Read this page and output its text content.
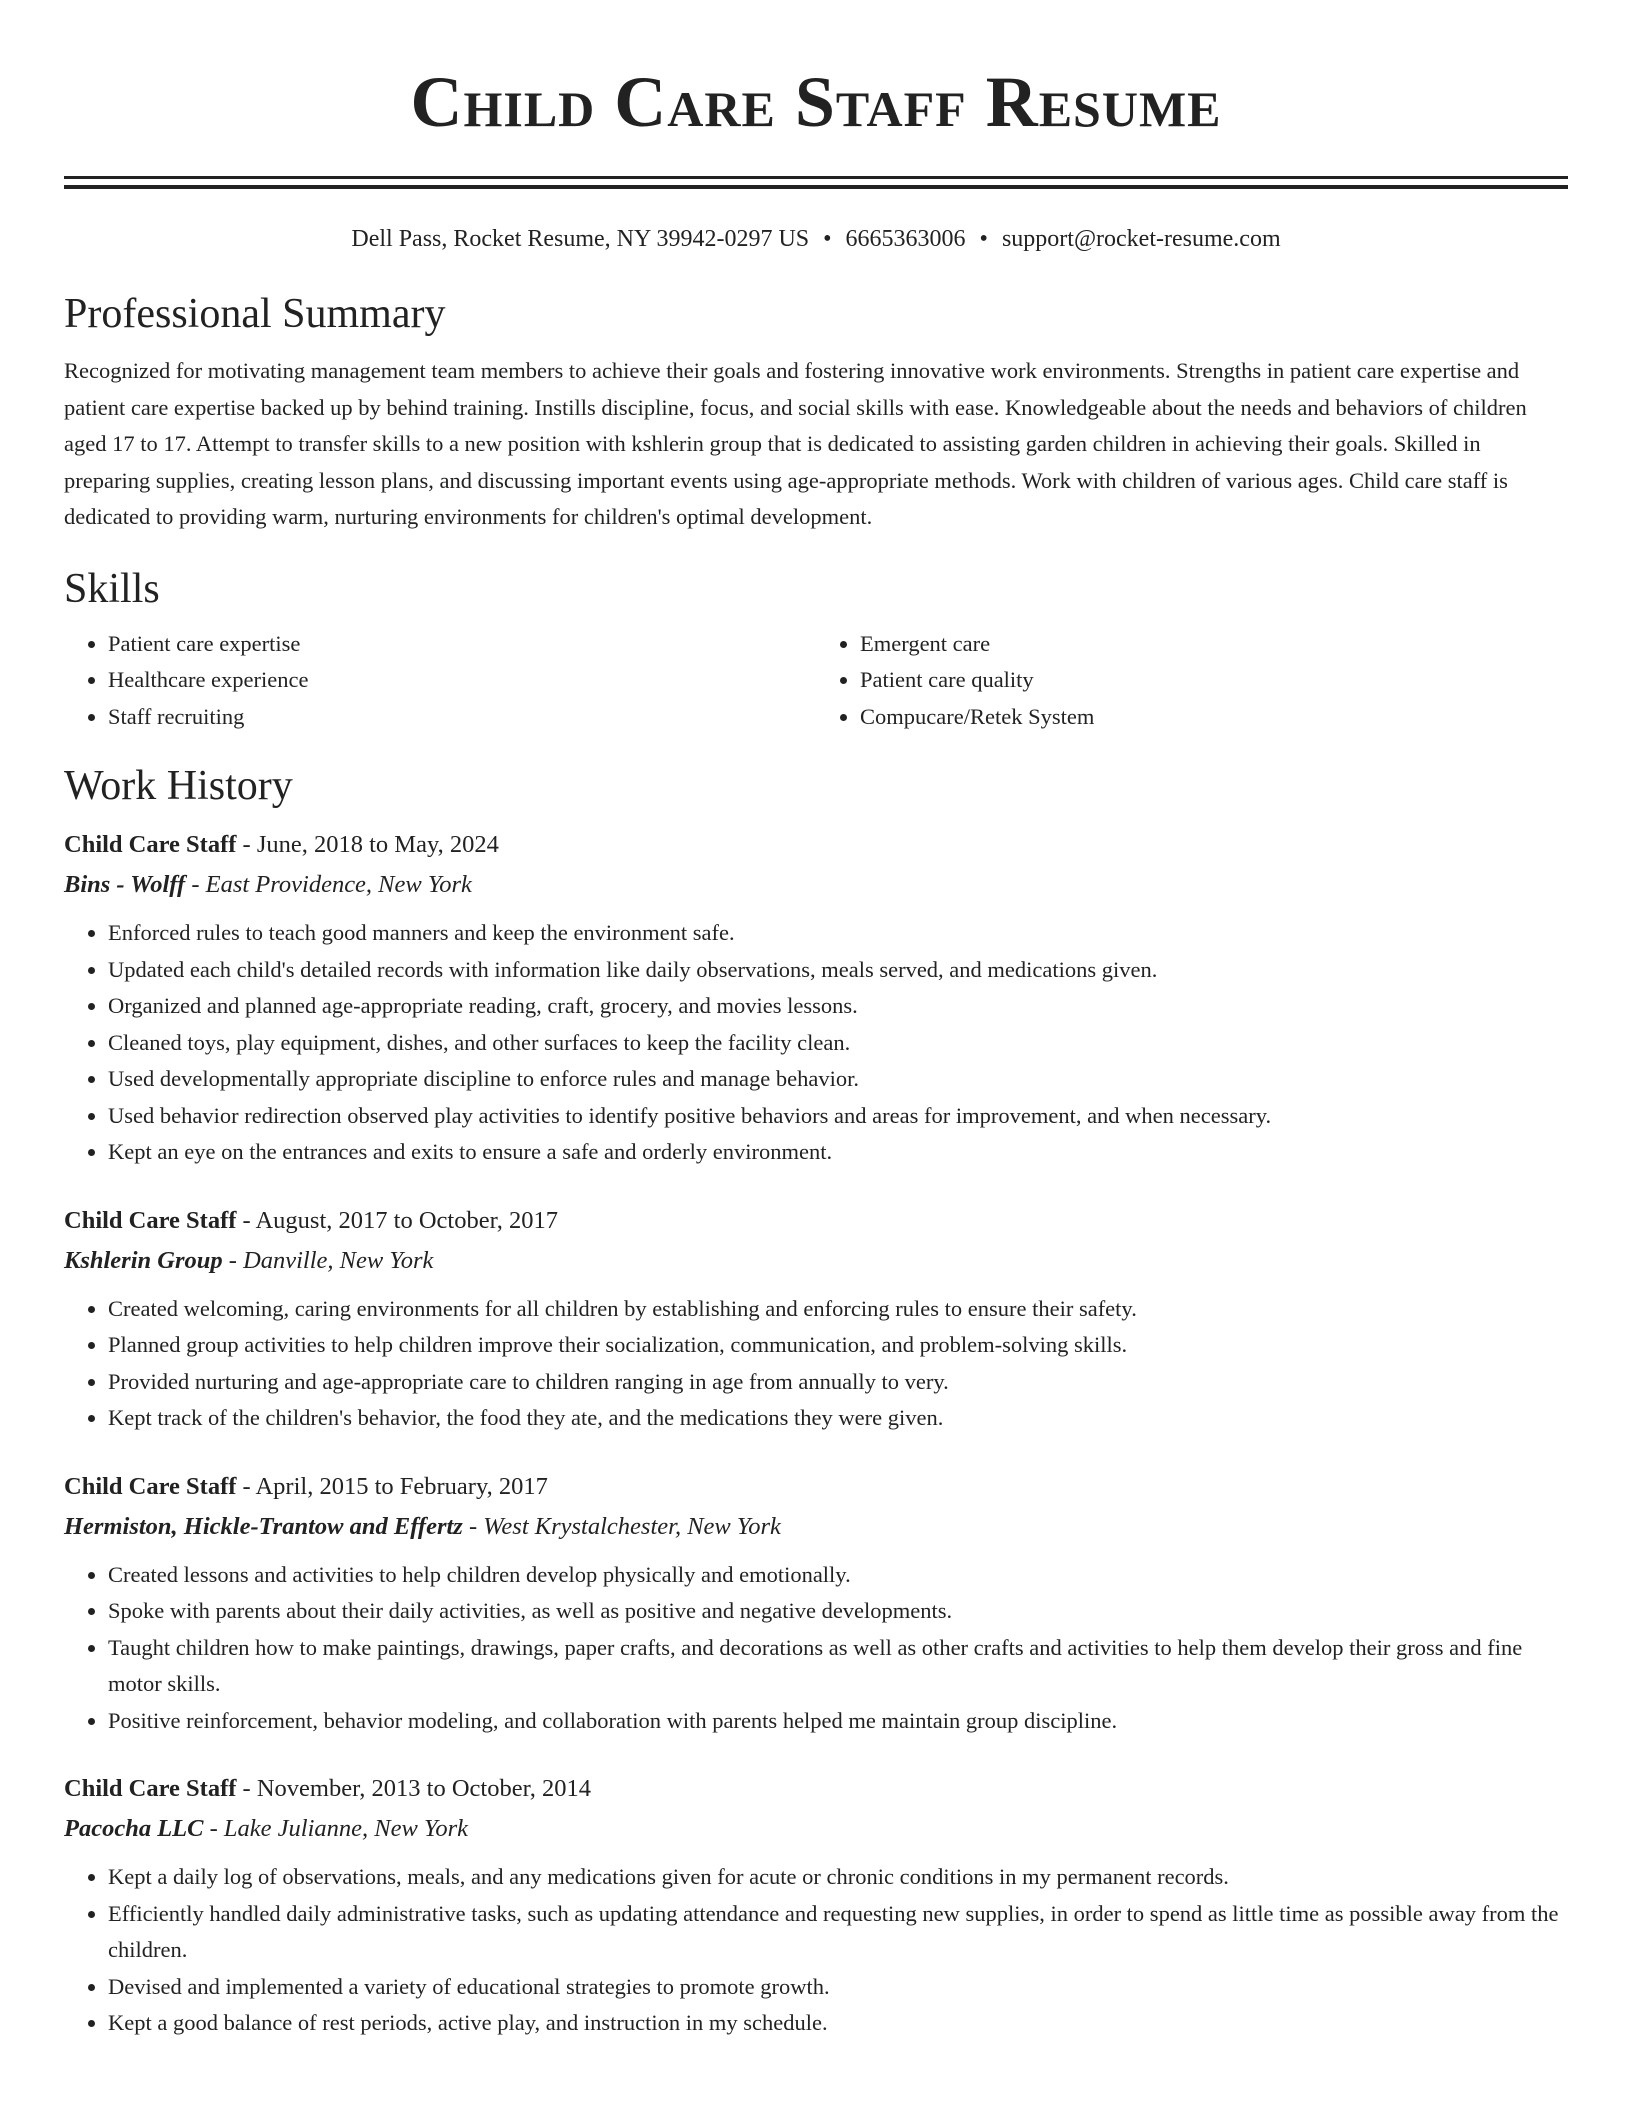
Child Care Staff Resume
Dell Pass, Rocket Resume, NY 39942-0297 US • 6665363006 • support@rocket-resume.com
Professional Summary

Recognized for motivating management team members to achieve their goals and fostering innovative work environments. Strengths in patient care expertise and patient care expertise backed up by behind training. Instills discipline, focus, and social skills with ease. Knowledgeable about the needs and behaviors of children aged 17 to 17. Attempt to transfer skills to a new position with kshlerin group that is dedicated to assisting garden children in achieving their goals. Skilled in preparing supplies, creating lesson plans, and discussing important events using age-appropriate methods. Work with children of various ages. Child care staff is dedicated to providing warm, nurturing environments for children's optimal development.

Skills
• Patient care expertise
• Healthcare experience
• Staff recruiting
• Emergent care
• Patient care quality
• Compucare/Retek System
Work History
Child Care Staff - June, 2018 to May, 2024
Bins - Wolff - East Providence, New York
• Enforced rules to teach good manners and keep the environment safe.
• Updated each child's detailed records with information like daily observations, meals served, and medications given.
• Organized and planned age-appropriate reading, craft, grocery, and movies lessons.
• Cleaned toys, play equipment, dishes, and other surfaces to keep the facility clean.
• Used developmentally appropriate discipline to enforce rules and manage behavior.
• Used behavior redirection observed play activities to identify positive behaviors and areas for improvement, and when necessary.
• Kept an eye on the entrances and exits to ensure a safe and orderly environment.
Child Care Staff - August, 2017 to October, 2017
Kshlerin Group - Danville, New York
• Created welcoming, caring environments for all children by establishing and enforcing rules to ensure their safety.
• Planned group activities to help children improve their socialization, communication, and problem-solving skills.
• Provided nurturing and age-appropriate care to children ranging in age from annually to very.
• Kept track of the children's behavior, the food they ate, and the medications they were given.
Child Care Staff - April, 2015 to February, 2017
Hermiston, Hickle-Trantow and Effertz - West Krystalchester, New York
• Created lessons and activities to help children develop physically and emotionally.
• Spoke with parents about their daily activities, as well as positive and negative developments.
• Taught children how to make paintings, drawings, paper crafts, and decorations as well as other crafts and activities to help them develop their gross and fine motor skills.
• Positive reinforcement, behavior modeling, and collaboration with parents helped me maintain group discipline.
Child Care Staff - November, 2013 to October, 2014
Pacocha LLC - Lake Julianne, New York
• Kept a daily log of observations, meals, and any medications given for acute or chronic conditions in my permanent records.
• Efficiently handled daily administrative tasks, such as updating attendance and requesting new supplies, in order to spend as little time as possible away from the children.
• Devised and implemented a variety of educational strategies to promote growth.
• Kept a good balance of rest periods, active play, and instruction in my schedule.
